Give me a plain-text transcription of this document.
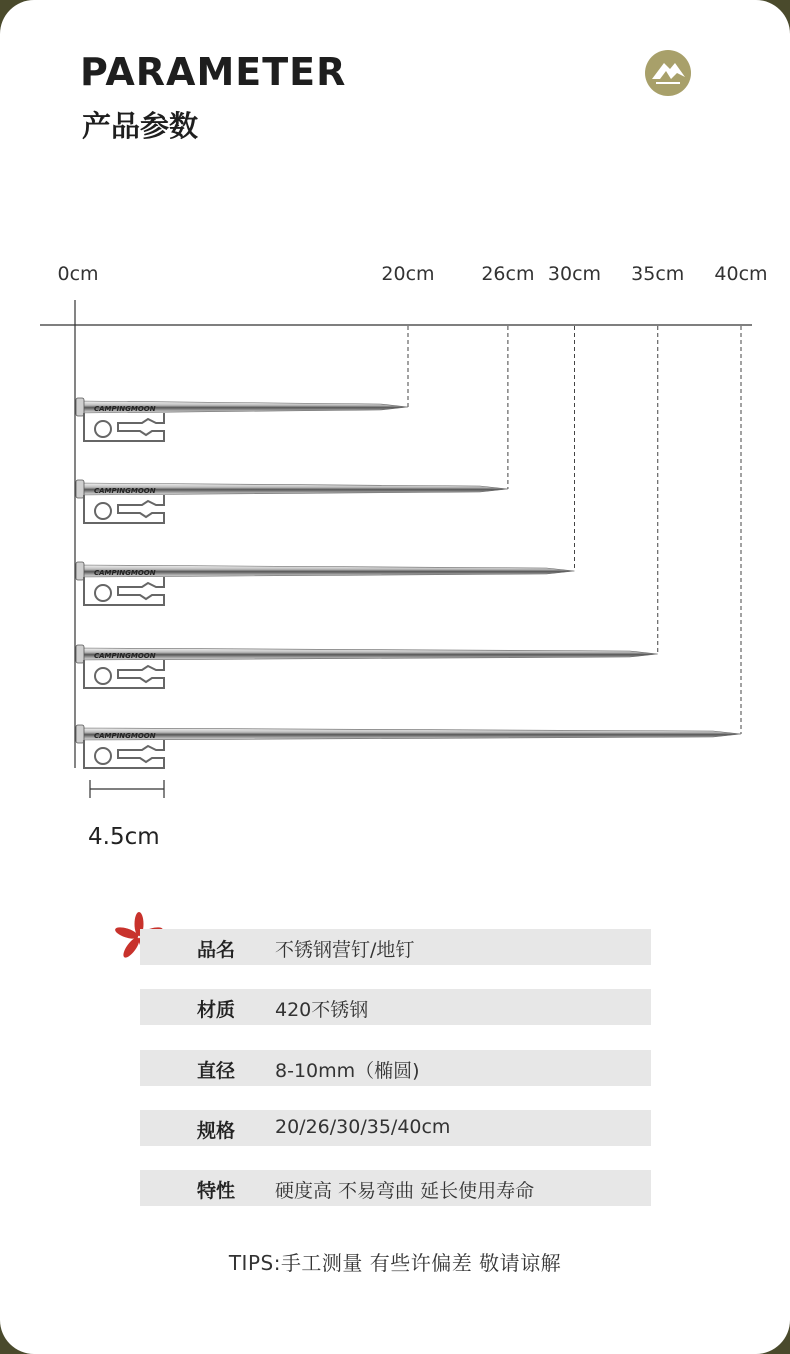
PARAMETER
产品参数
0cm	20cm 26cm 30cm 35cm 40cm
CAMPINGMOON
CAMPINGMOON
CAMPINGMOON
CAMPINGMOON
CAMPINGMOON
4.5cm
品名 不锈钢营钉/地钉
材质 420不锈钢
直径 8-10mm（椭圆)
规格 20/26/30/35/40cm
特性 硬度高 不易弯曲 延长使用寿命
TIPS:手工测量 有些许偏差 敬请谅解
